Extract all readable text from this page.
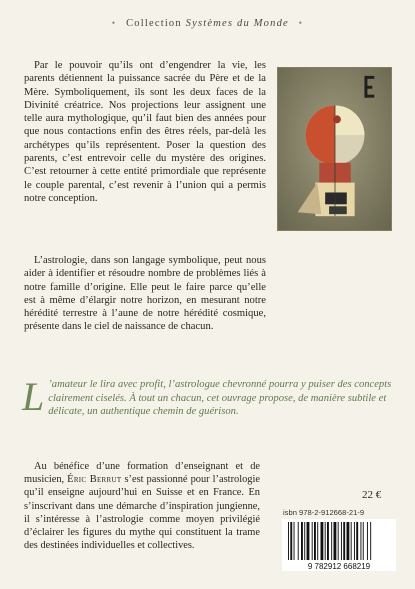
• Collection Systèmes du Monde •

Par le pouvoir qu’ils ont d’engendrer la vie, les parents détiennent la puissance sacrée du Père et de la Mère. Symboliquement, ils sont les deux faces de la Divinité créatrice. Nos projections leur assignent une telle aura mythologique, qu’il faut bien des années pour que nous contactions enfin des êtres réels, par-delà les archétypes qu’ils représentent. Poser la question des parents, c’est entrevoir celle du mystère des origines. C’est retourner à cette entité primordiale que représente le couple parental, c’est revenir à l’union qui a permis notre conception.

L’astrologie, dans son langage symbolique, peut nous aider à identifier et résoudre nombre de problèmes liés à notre famille d’origine. Elle peut le faire parce qu’elle est à même d’élargir notre horizon, en mesurant notre hérédité terrestre à l’aune de notre hérédité cosmique, présente dans le ciel de naissance de chacun.

L ’amateur le lira avec profit, l’astrologue chevronné pourra y puiser des concepts clairement ciselés. À tout un chacun, cet ouvrage propose, de manière subtile et délicate, un authentique chemin de guérison.

Au bénéfice d’une formation d’enseignant et de musicien, Éric Berrut s’est passionné pour l’astrologie qu’il enseigne aujourd’hui en Suisse et en France. En s’inscrivant dans une démarche d’inspiration jungienne, il s’intéresse à l’astrologie comme moyen privilégié d’éclairer les figures du mythe qui constituent la trame des destinées individuelles et collectives.

22 €
isbn 978-2-912668-21-9
9 782912 668219
